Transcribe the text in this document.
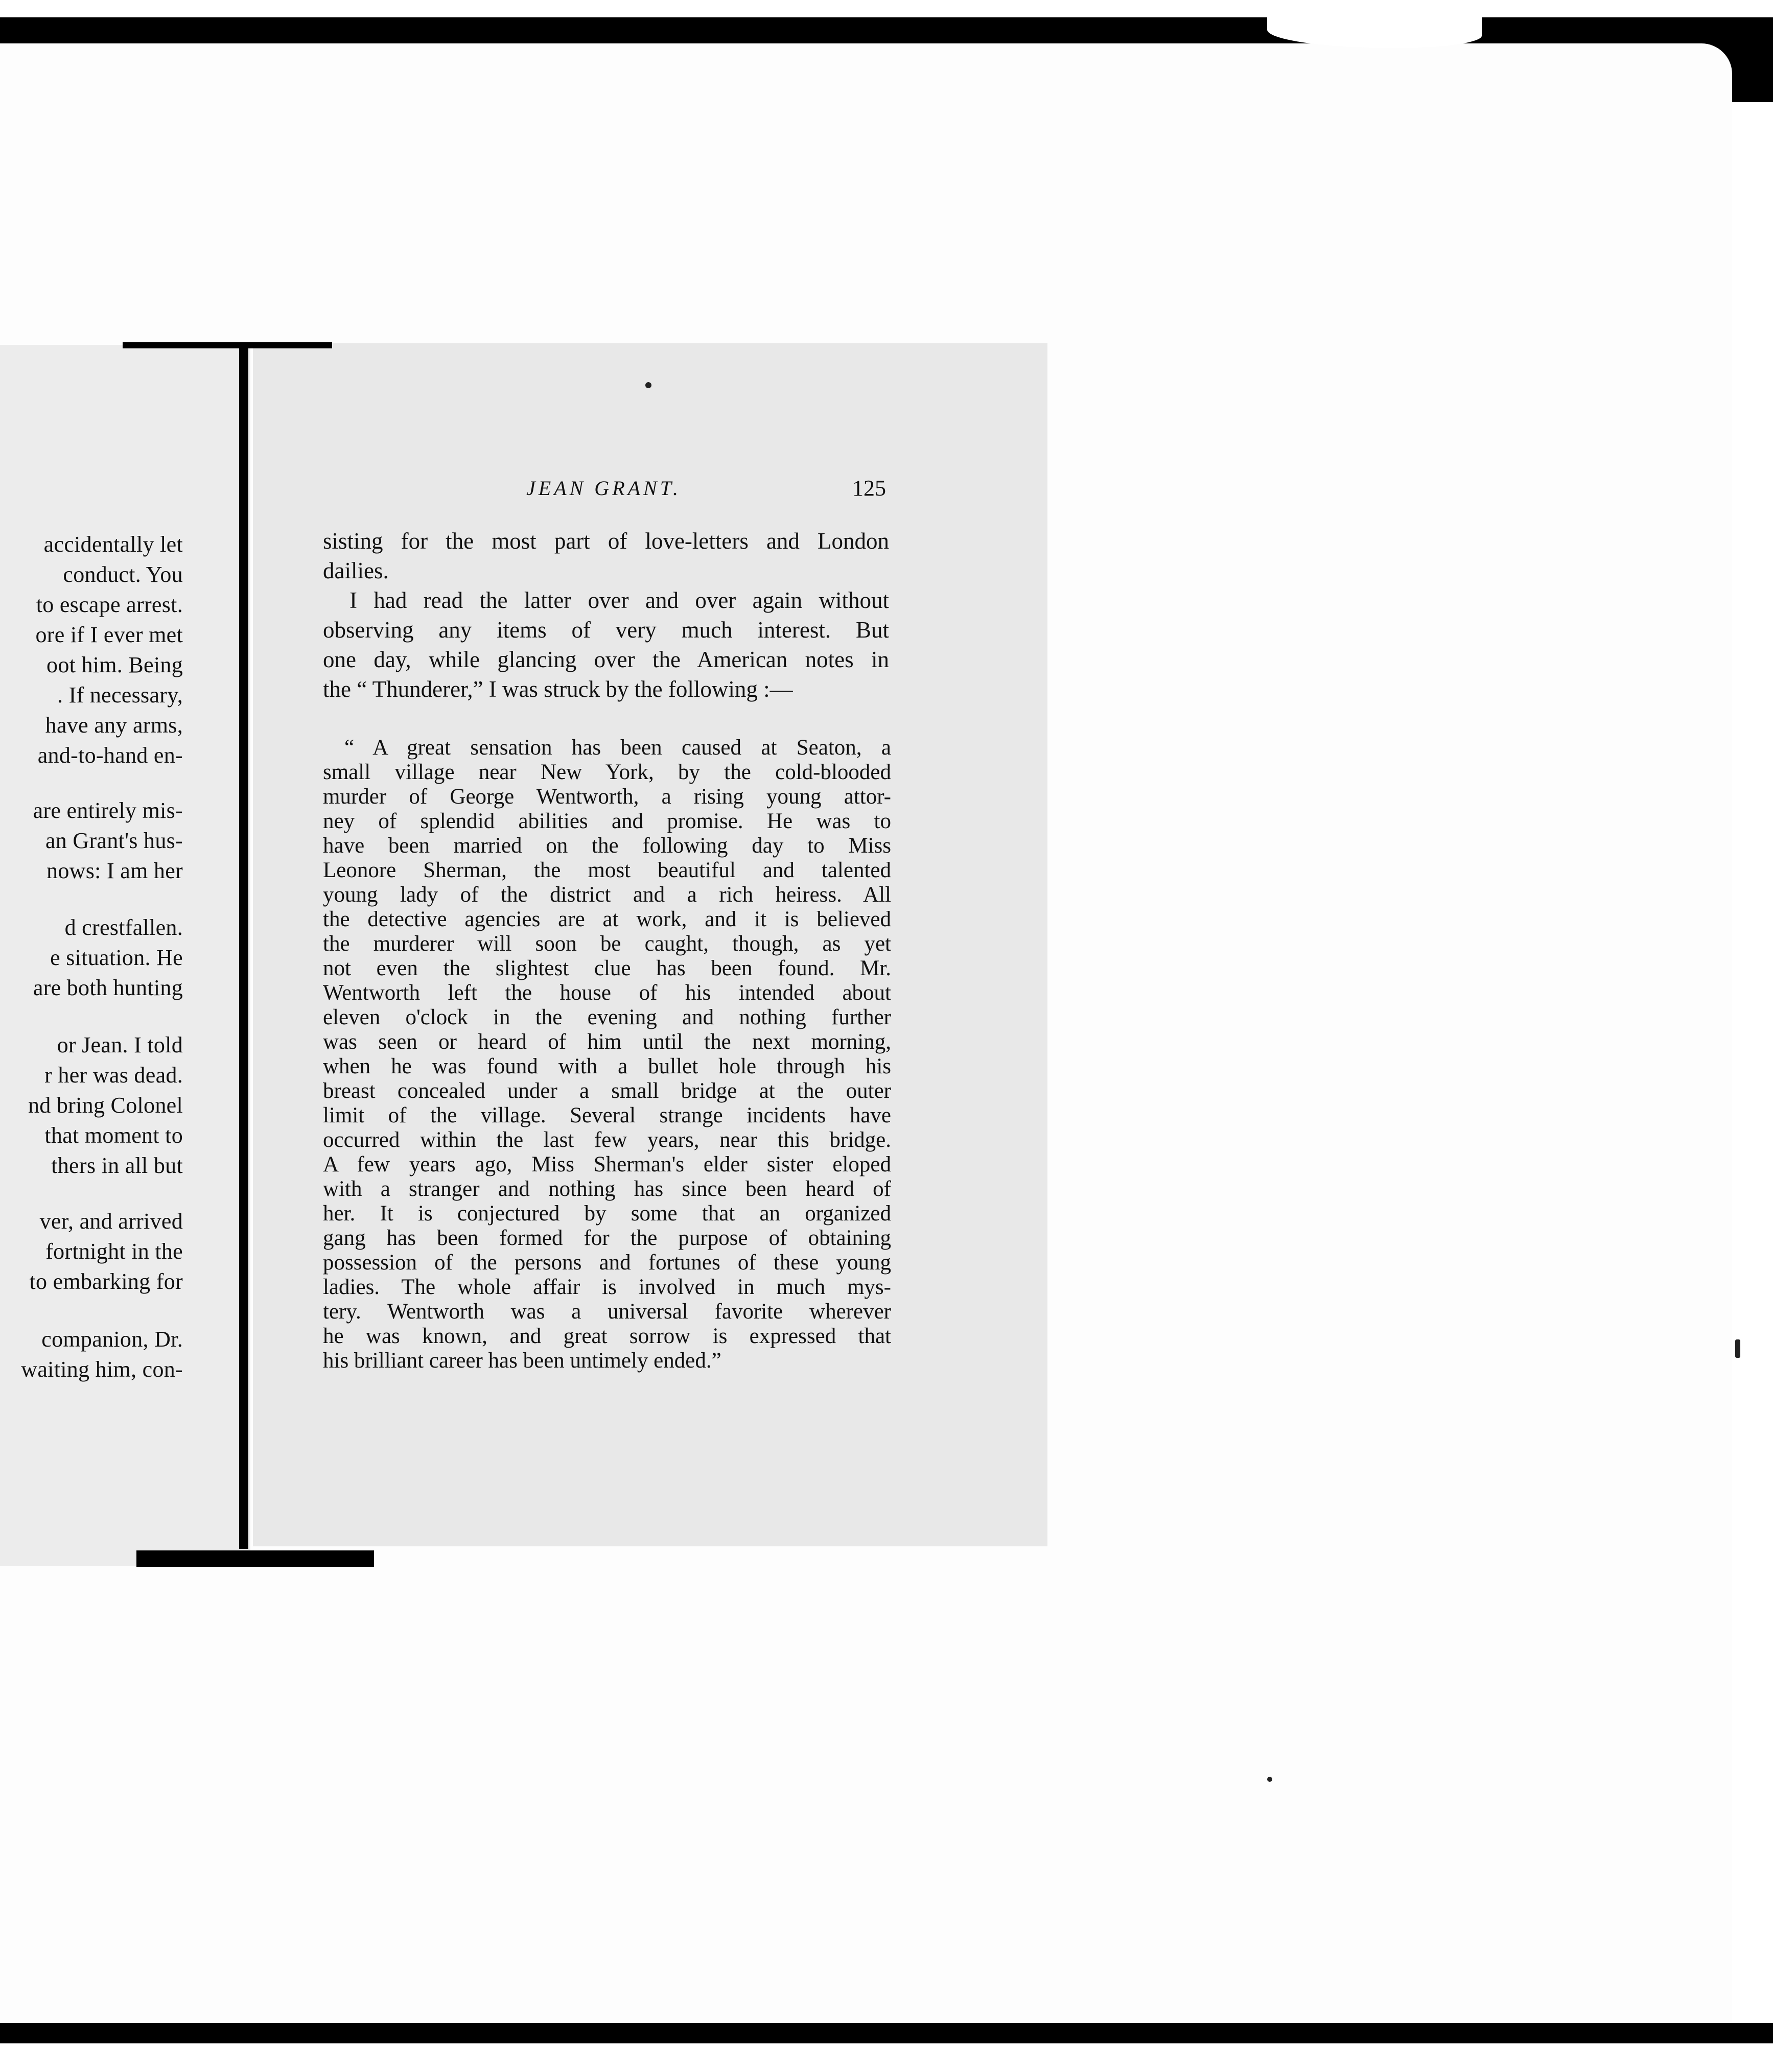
accidentally let
conduct. You
to escape arrest.
ore if I ever met
oot him. Being
. If necessary,
have any arms,
and-to-hand en-
are entirely mis-
an Grant's hus-
nows: I am her
d crestfallen.
e situation. He
are both hunting
or Jean. I told
r her was dead.
nd bring Colonel
that moment to
thers in all but
ver, and arrived
fortnight in the
to embarking for
companion, Dr.
waiting him, con-
JEAN GRANT.	125
sisting for the most part of love-letters and London
dailies.
I had read the latter over and over again without
observing any items of very much interest. But
one day, while glancing over the American notes in
the “ Thunderer,” I was struck by the following :—
“ A great sensation has been caused at Seaton, a
small village near New York, by the cold-blooded
murder of George Wentworth, a rising young attor-
ney of splendid abilities and promise. He was to
have been married on the following day to Miss
Leonore Sherman, the most beautiful and talented
young lady of the district and a rich heiress. All
the detective agencies are at work, and it is believed
the murderer will soon be caught, though, as yet
not even the slightest clue has been found. Mr.
Wentworth left the house of his intended about
eleven o'clock in the evening and nothing further
was seen or heard of him until the next morning,
when he was found with a bullet hole through his
breast concealed under a small bridge at the outer
limit of the village. Several strange incidents have
occurred within the last few years, near this bridge.
A few years ago, Miss Sherman's elder sister eloped
with a stranger and nothing has since been heard of
her. It is conjectured by some that an organized
gang has been formed for the purpose of obtaining
possession of the persons and fortunes of these young
ladies. The whole affair is involved in much mys-
tery. Wentworth was a universal favorite wherever
he was known, and great sorrow is expressed that
his brilliant career has been untimely ended.”
